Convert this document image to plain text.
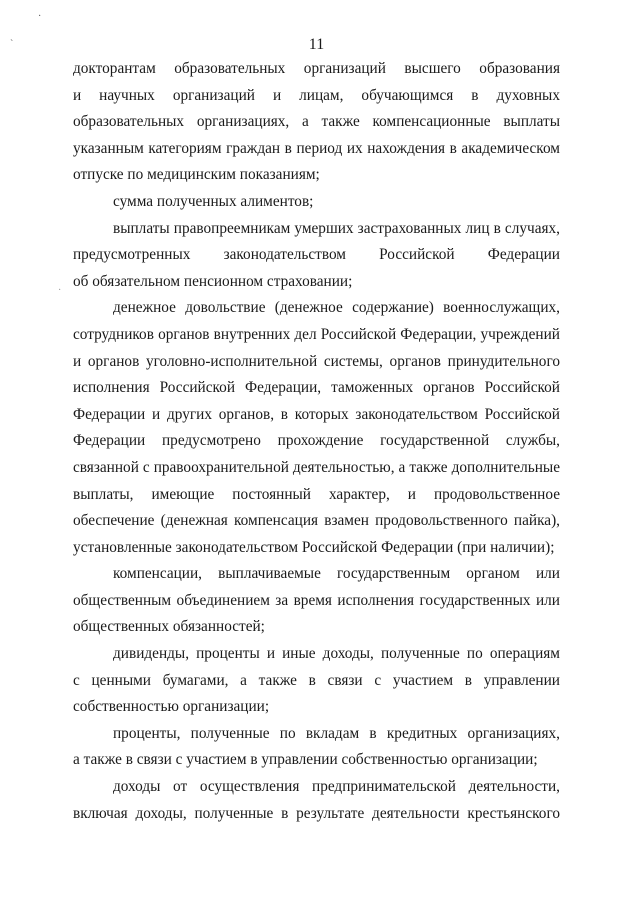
·
`
·
11
докторантам образовательных организаций высшего образования
и научных организаций и лицам, обучающимся в духовных
образовательных организациях, а также компенсационные выплаты
указанным категориям граждан в период их нахождения в академическом
отпуске по медицинским показаниям;
сумма полученных алиментов;
выплаты правопреемникам умерших застрахованных лиц в случаях,
предусмотренных законодательством Российской Федерации
об обязательном пенсионном страховании;
денежное довольствие (денежное содержание) военнослужащих,
сотрудников органов внутренних дел Российской Федерации, учреждений
и органов уголовно-исполнительной системы, органов принудительного
исполнения Российской Федерации, таможенных органов Российской
Федерации и других органов, в которых законодательством Российской
Федерации предусмотрено прохождение государственной службы,
связанной с правоохранительной деятельностью, а также дополнительные
выплаты, имеющие постоянный характер, и продовольственное
обеспечение (денежная компенсация взамен продовольственного пайка),
установленные законодательством Российской Федерации (при наличии);
компенсации, выплачиваемые государственным органом или
общественным объединением за время исполнения государственных или
общественных обязанностей;
дивиденды, проценты и иные доходы, полученные по операциям
с ценными бумагами, а также в связи с участием в управлении
собственностью организации;
проценты, полученные по вкладам в кредитных организациях,
а также в связи с участием в управлении собственностью организации;
доходы от осуществления предпринимательской деятельности,
включая доходы, полученные в результате деятельности крестьянского
